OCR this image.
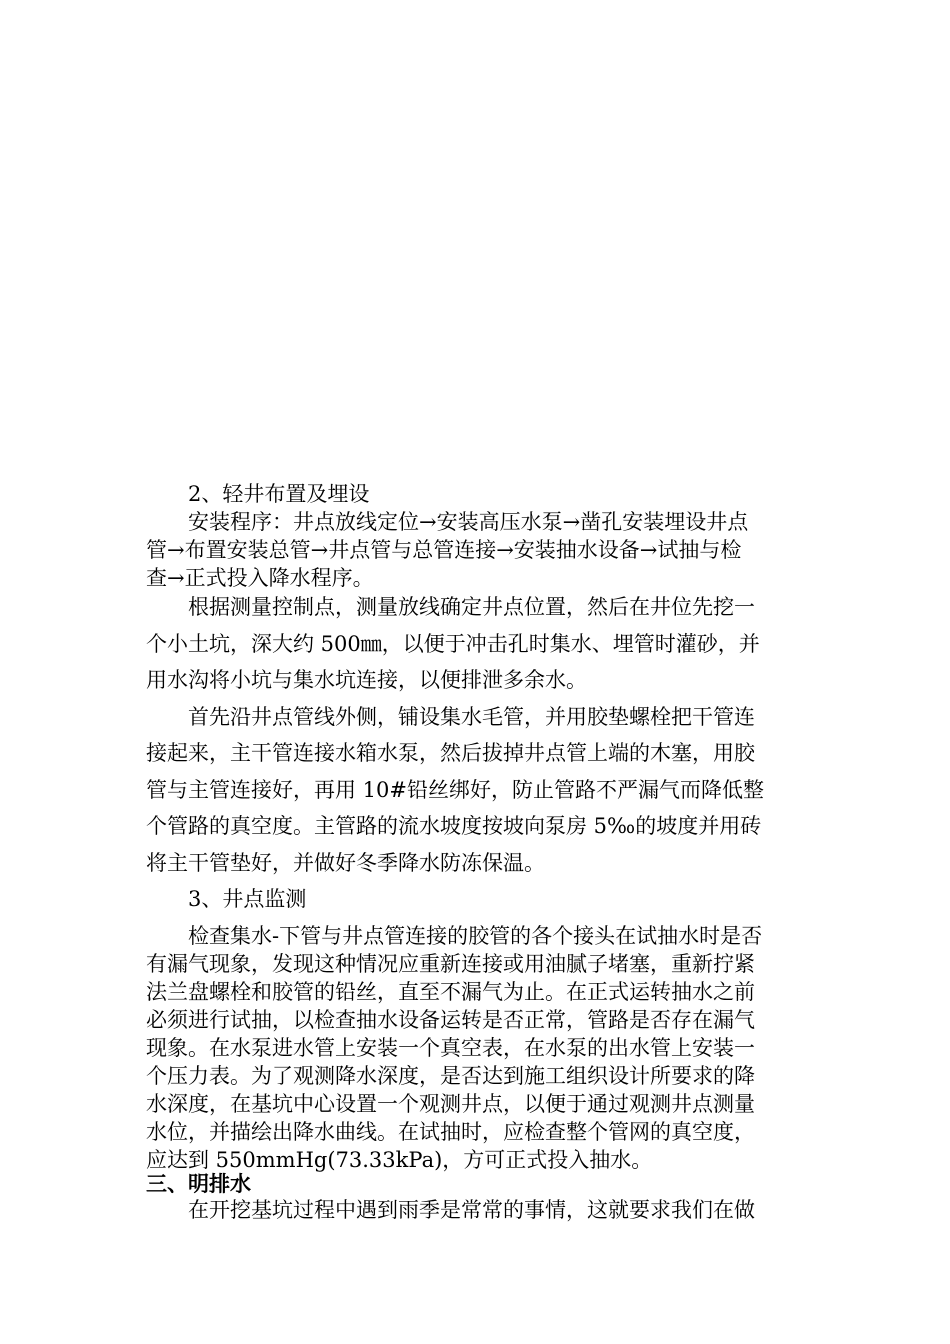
2、轻井布置及埋设
安装程序：井点放线定位→安装高压水泵→凿孔安装埋设井点
管→布置安装总管→井点管与总管连接→安装抽水设备→试抽与检
查→正式投入降水程序。
根据测量控制点，测量放线确定井点位置，然后在井位先挖一
个小土坑，深大约 500㎜，以便于冲击孔时集水、埋管时灌砂，并
用水沟将小坑与集水坑连接，以便排泄多余水。
首先沿井点管线外侧，铺设集水毛管，并用胶垫螺栓把干管连
接起来，主干管连接水箱水泵，然后拔掉井点管上端的木塞，用胶
管与主管连接好，再用 10#铅丝绑好，防止管路不严漏气而降低整
个管路的真空度。主管路的流水坡度按坡向泵房 5‰的坡度并用砖
将主干管垫好，并做好冬季降水防冻保温。
3、井点监测
检查集水-下管与井点管连接的胶管的各个接头在试抽水时是否
有漏气现象，发现这种情况应重新连接或用油腻子堵塞，重新拧紧
法兰盘螺栓和胶管的铅丝，直至不漏气为止。在正式运转抽水之前
必须进行试抽，以检查抽水设备运转是否正常，管路是否存在漏气
现象。在水泵进水管上安装一个真空表，在水泵的出水管上安装一
个压力表。为了观测降水深度，是否达到施工组织设计所要求的降
水深度，在基坑中心设置一个观测井点，以便于通过观测井点测量
水位，并描绘出降水曲线。在试抽时，应检查整个管网的真空度，
应达到 550mmHg(73.33kPa)，方可正式投入抽水。
三、明排水
在开挖基坑过程中遇到雨季是常常的事情，这就要求我们在做
